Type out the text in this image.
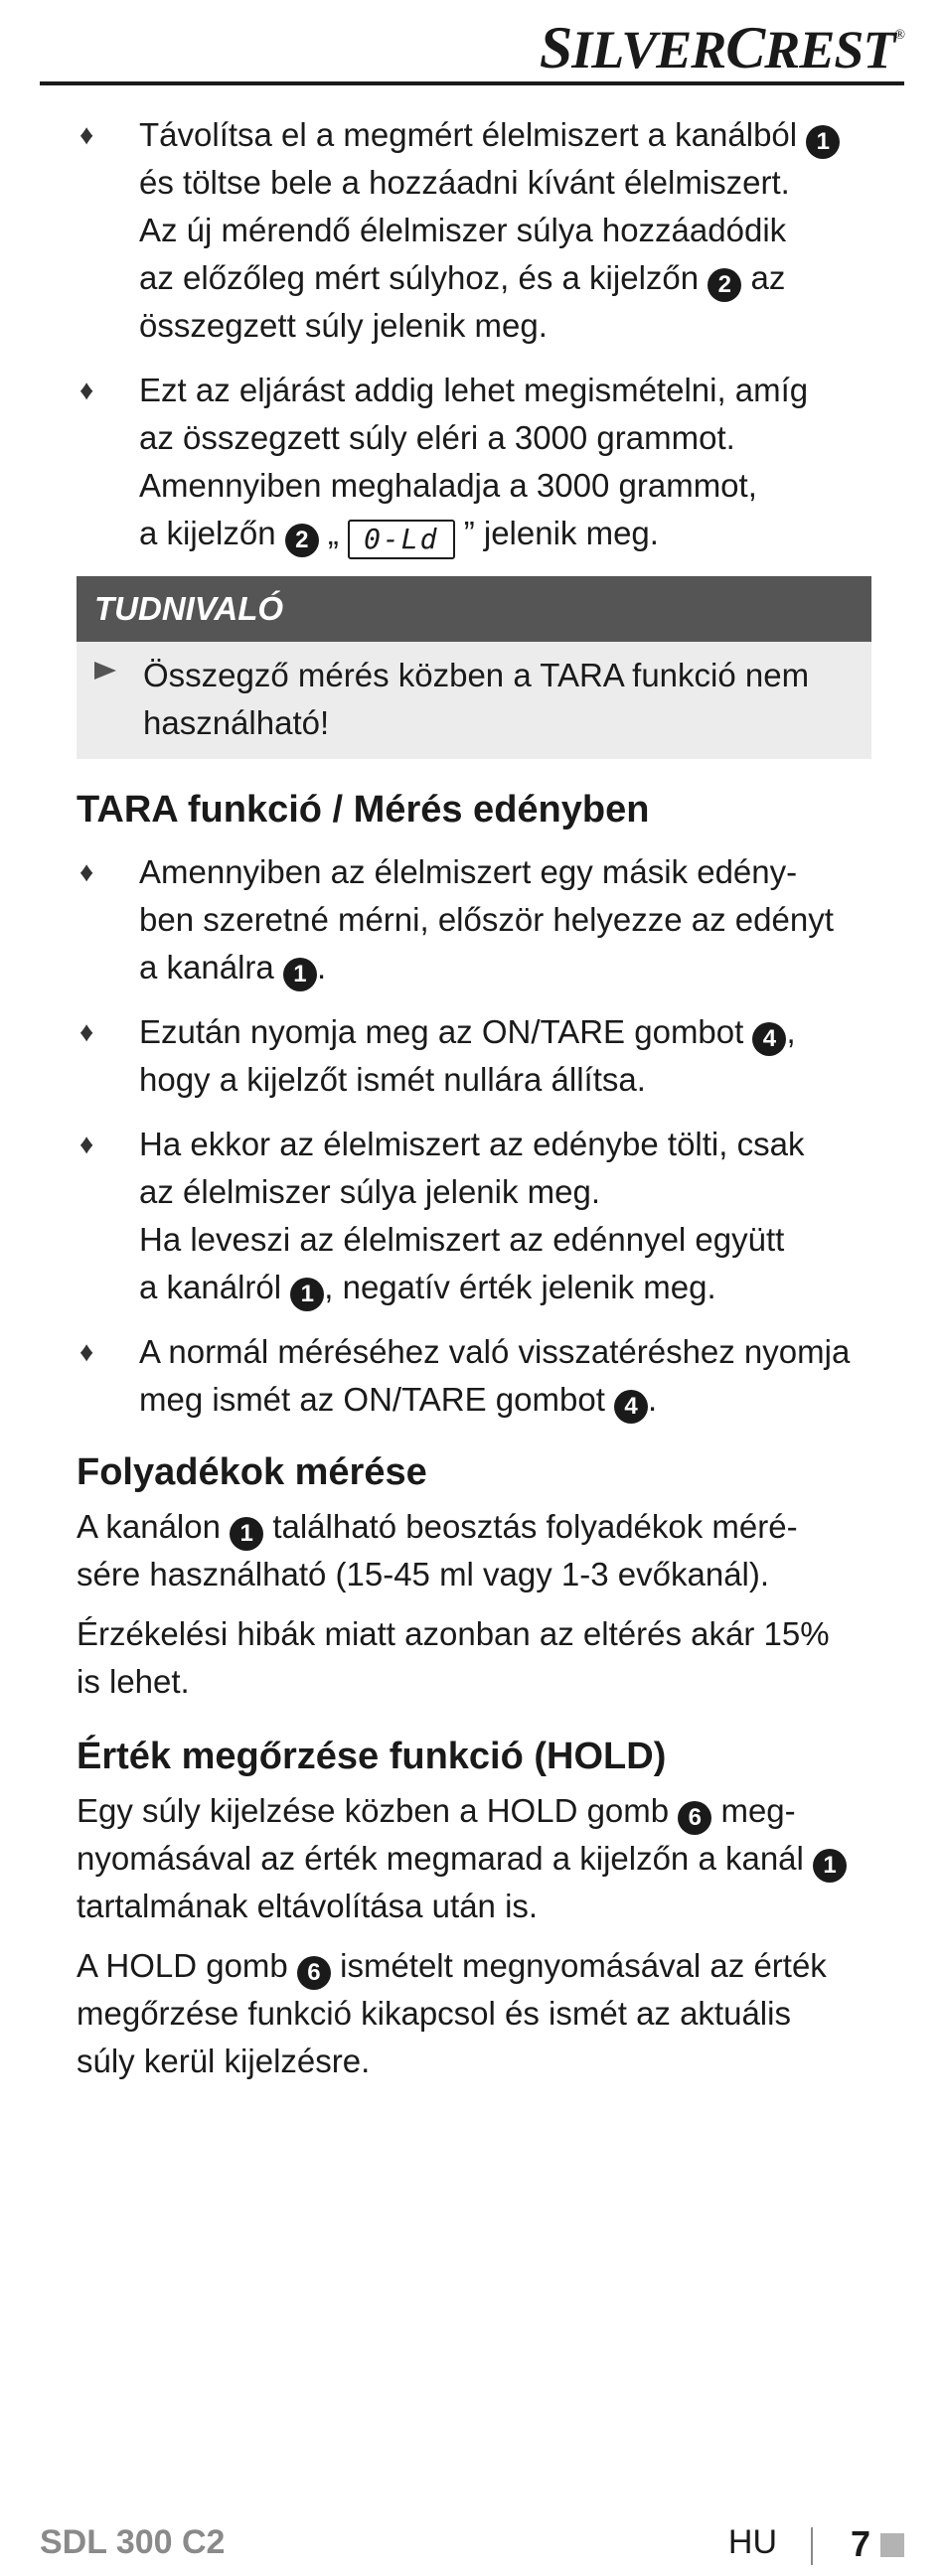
SILVERCREST®
♦ Távolítsa el a megmért élelmiszert a kanálból 1
és töltse bele a hozzáadni kívánt élelmiszert.
Az új mérendő élelmiszer súlya hozzáadódik
az előzőleg mért súlyhoz, és a kijelzőn 2 az
összegzett súly jelenik meg.
♦ Ezt az eljárást addig lehet megismételni, amíg
az összegzett súly eléri a 3000 grammot.
Amennyiben meghaladja a 3000 grammot,
a kijelzőn 2 „ 0-Ld ” jelenik meg.
TUDNIVALÓ
Összegző mérés közben a TARA funkció nem
használható!
TARA funkció / Mérés edényben
♦ Amennyiben az élelmiszert egy másik edény-
ben szeretné mérni, először helyezze az edényt
a kanálra 1 .
♦ Ezután nyomja meg az ON/TARE gombot 4 ,
hogy a kijelzőt ismét nullára állítsa.
♦ Ha ekkor az élelmiszert az edénybe tölti, csak
az élelmiszer súlya jelenik meg.
Ha leveszi az élelmiszert az edénnyel együtt
a kanálról 1 , negatív érték jelenik meg.
♦ A normál méréséhez való visszatéréshez nyomja
meg ismét az ON/TARE gombot 4 .
Folyadékok mérése

A kanálon 1 található beosztás folyadékok méré-
sére használható (15-45 ml vagy 1-3 evőkanál).

Érzékelési hibák miatt azonban az eltérés akár 15%
is lehet.

Érték megőrzése funkció (HOLD)

Egy súly kijelzése közben a HOLD gomb 6 meg-
nyomásával az érték megmarad a kijelzőn a kanál 1
tartalmának eltávolítása után is.

A HOLD gomb 6 ismételt megnyomásával az érték
megőrzése funkció kikapcsol és ismét az aktuális
súly kerül kijelzésre.

SDL 300 C2	HU 7
